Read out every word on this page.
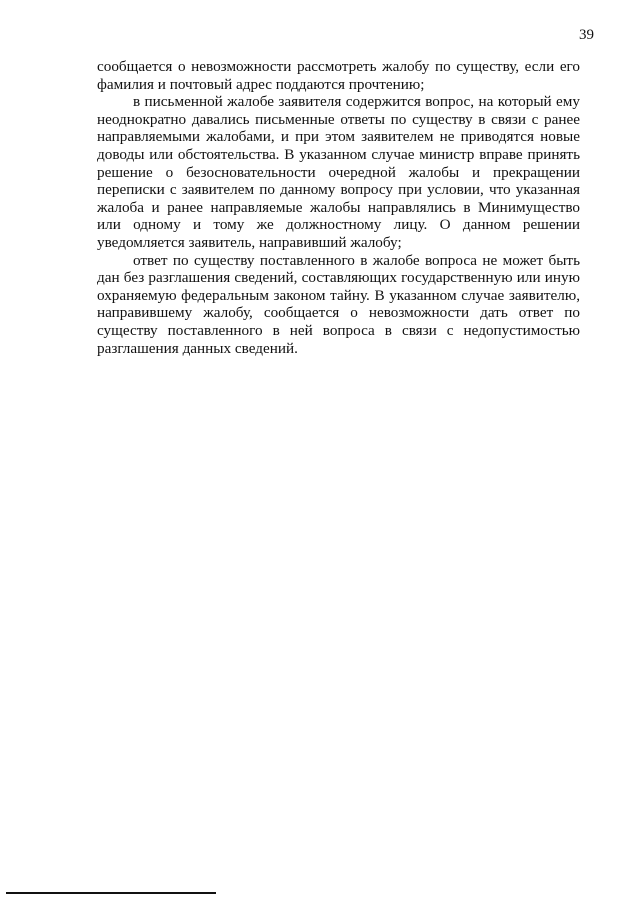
39

сообщается о невозможности рассмотреть жалобу по существу, если его фамилия и почтовый адрес поддаются прочтению;

в письменной жалобе заявителя содержится вопрос, на который ему неоднократно давались письменные ответы по существу в связи с ранее направляемыми жалобами, и при этом заявителем не приводятся новые доводы или обстоятельства. В указанном случае министр вправе принять решение о безосновательности очередной жалобы и прекращении переписки с заявителем по данному вопросу при условии, что указанная жалоба и ранее направляемые жалобы направлялись в Минимущество или одному и тому же должностному лицу. О данном решении уведомляется заявитель, направивший жалобу;

ответ по существу поставленного в жалобе вопроса не может быть дан без разглашения сведений, составляющих государственную или иную охраняемую федеральным законом тайну. В указанном случае заявителю, направившему жалобу, сообщается о невозможности дать ответ по существу поставленного в ней вопроса в связи с недопустимостью разглашения данных сведений.
